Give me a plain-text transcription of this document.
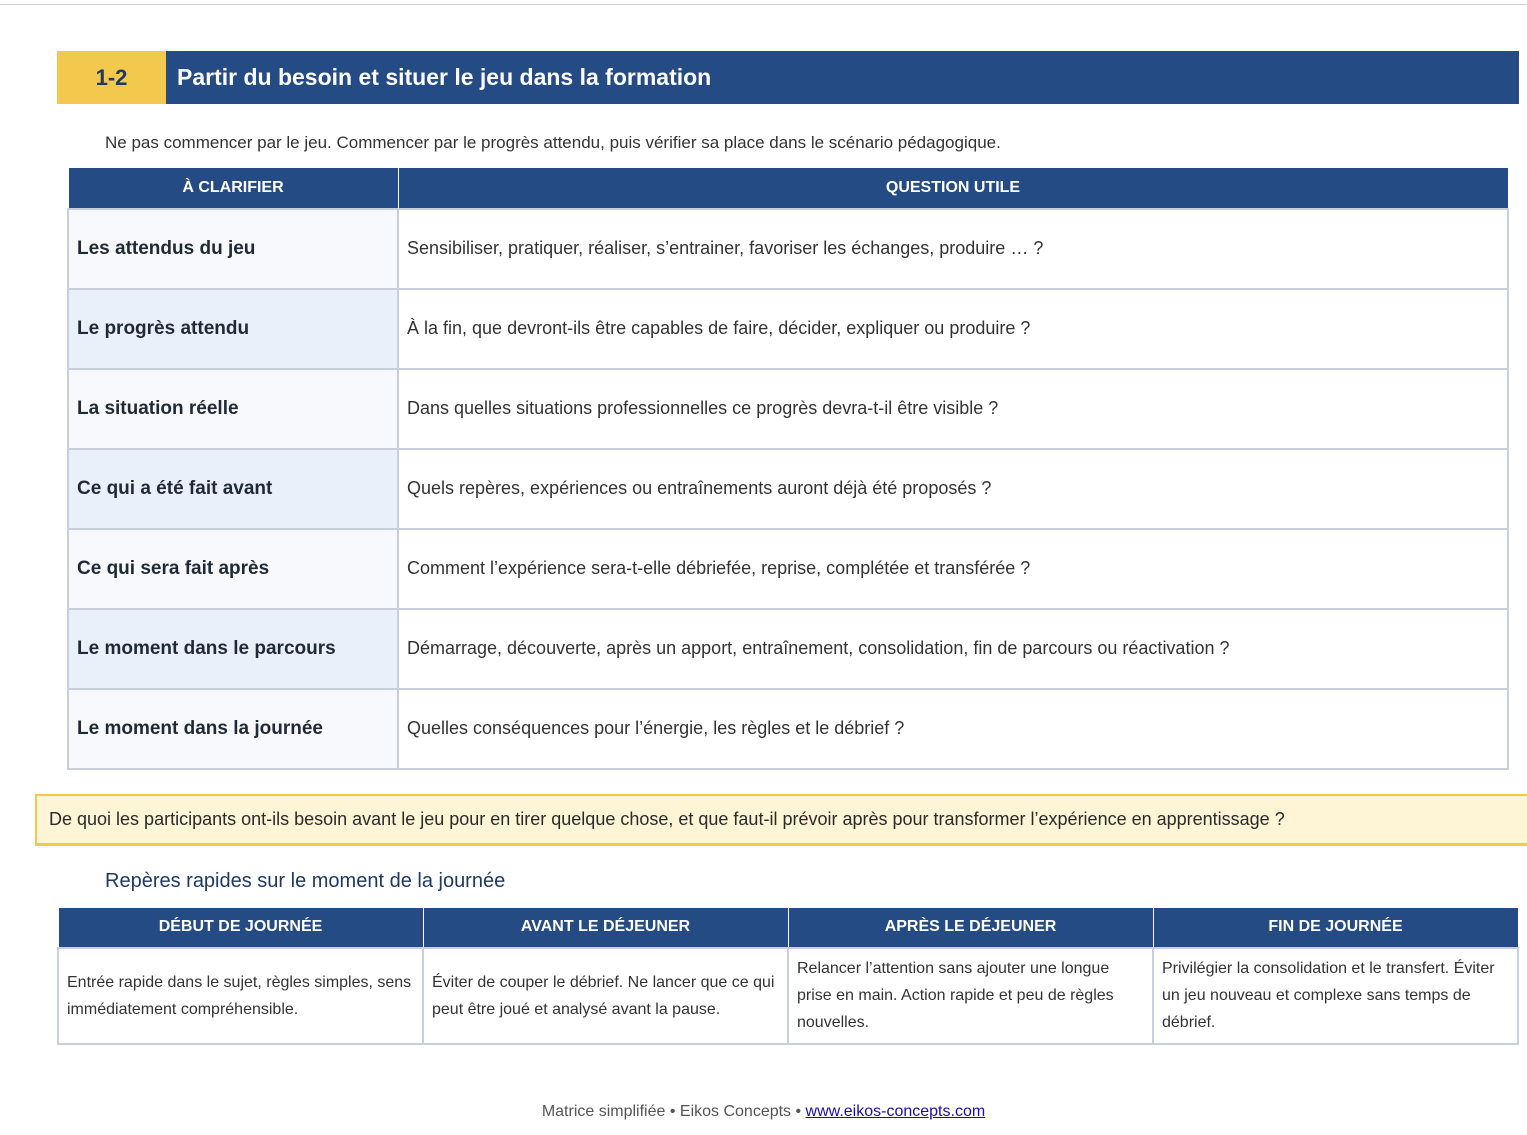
1-2	Partir du besoin et situer le jeu dans la formation
Ne pas commencer par le jeu. Commencer par le progrès attendu, puis vérifier sa place dans le scénario pédagogique.
À CLARIFIER	QUESTION UTILE
Les attendus du jeu	Sensibiliser, pratiquer, réaliser, s’entrainer, favoriser les échanges, produire … ?
Le progrès attendu	À la fin, que devront-ils être capables de faire, décider, expliquer ou produire ?
La situation réelle	Dans quelles situations professionnelles ce progrès devra-t-il être visible ?
Ce qui a été fait avant	Quels repères, expériences ou entraînements auront déjà été proposés ?
Ce qui sera fait après	Comment l’expérience sera-t-elle débriefée, reprise, complétée et transférée ?
Le moment dans le parcours	Démarrage, découverte, après un apport, entraînement, consolidation, fin de parcours ou réactivation ?
Le moment dans la journée	Quelles conséquences pour l’énergie, les règles et le débrief ?
De quoi les participants ont-ils besoin avant le jeu pour en tirer quelque chose, et que faut-il prévoir après pour transformer l’expérience en apprentissage ?
Repères rapides sur le moment de la journée
DÉBUT DE JOURNÉE	AVANT LE DÉJEUNER	APRÈS LE DÉJEUNER	FIN DE JOURNÉE
Entrée rapide dans le sujet, règles simples, sens immédiatement compréhensible.	Éviter de couper le débrief. Ne lancer que ce qui peut être joué et analysé avant la pause.	Relancer l’attention sans ajouter une longue prise en main. Action rapide et peu de règles nouvelles.	Privilégier la consolidation et le transfert. Éviter un jeu nouveau et complexe sans temps de débrief.
Matrice simplifiée • Eikos Concepts • www.eikos-concepts.com
